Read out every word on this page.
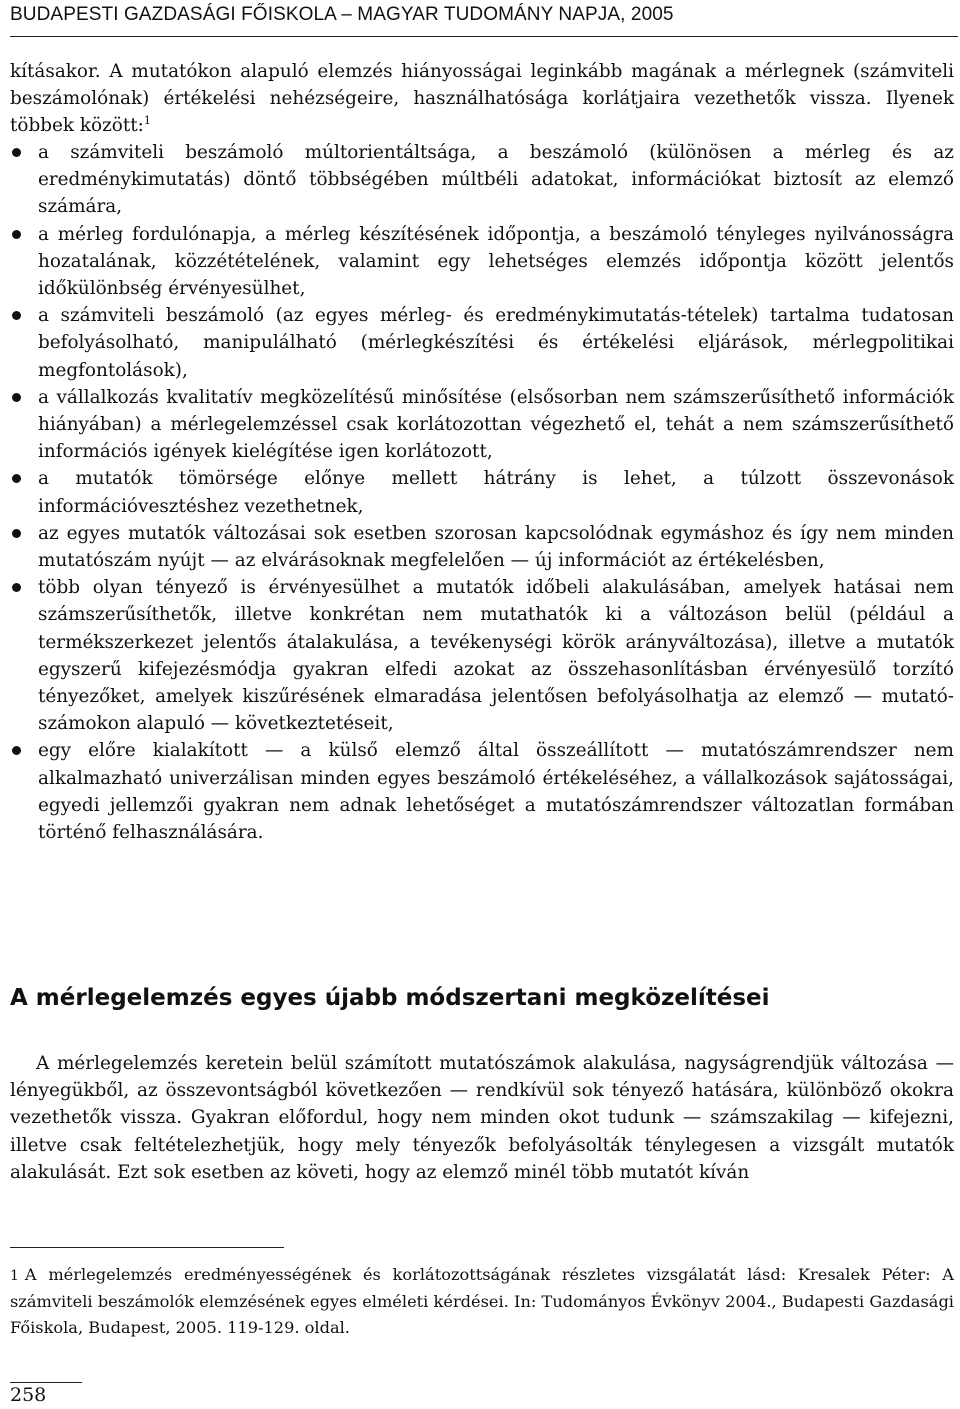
BUDAPESTI GAZDASÁGI FŐISKOLA – MAGYAR TUDOMÁNY NAPJA, 2005

kításakor. A mutatókon alapuló elemzés hiányosságai leginkább magának a mérlegnek (számviteli beszámolónak) értékelési nehézségeire, használhatósága korlátjaira vezethetők vissza. Ilyenek többek között:$^1$

a számviteli beszámoló múltorientáltsága, a beszámoló (különösen a mérleg és az eredménykimutatás) döntő többségében múltbéli adatokat, információkat biztosít az elemző számára,
a mérleg fordulónapja, a mérleg készítésének időpontja, a beszámoló tényleges nyilvánosságra hozatalának, közzétételének, valamint egy lehetséges elemzés időpontja között jelentős időkülönbség érvényesülhet,
a számviteli beszámoló (az egyes mérleg- és eredménykimutatás-tételek) tartalma tudatosan befolyásolható, manipulálható (mérlegkészítési és értékelési eljárások, mérlegpolitikai megfontolások),
a vállalkozás kvalitatív megközelítésű minősítése (elsősorban nem számszerűsíthető információk hiányában) a mérlegelemzéssel csak korlátozottan végezhető el, tehát a nem számszerűsíthető információs igények kielégítése igen korlátozott,
a mutatók tömörsége előnye mellett hátrány is lehet, a túlzott összevonások információvesztéshez vezethetnek,
az egyes mutatók változásai sok esetben szorosan kapcsolódnak egymáshoz és így nem minden mutatószám nyújt — az elvárásoknak megfelelően — új információt az értékelésben,
több olyan tényező is érvényesülhet a mutatók időbeli alakulásában, amelyek hatásai nem számszerűsíthetők, illetve konkrétan nem mutathatók ki a változáson belül (például a termékszerkezet jelentős átalakulása, a tevékenységi körök arányváltozása), illetve a mutatók egyszerű kifejezésmódja gyakran elfedi azokat az összehasonlításban érvényesülő torzító tényezőket, amelyek kiszűrésének elmaradása jelentősen befolyásolhatja az elemző — mutatószámokon alapuló — következtetéseit,
egy előre kialakított — a külső elemző által összeállított — mutatószámrendszer nem alkalmazható univerzálisan minden egyes beszámoló értékeléséhez, a vállalkozások sajátosságai, egyedi jellemzői gyakran nem adnak lehetőséget a mutatószámrendszer változatlan formában történő felhasználására.
A mérlegelemzés egyes újabb módszertani megközelítései

A mérlegelemzés keretein belül számított mutatószámok alakulása, nagyságrendjük változása — lényegükből, az összevontságból következően — rendkívül sok tényező hatására, különböző okokra vezethetők vissza. Gyakran előfordul, hogy nem minden okot tudunk — számszakilag — kifejezni, illetve csak feltételezhetjük, hogy mely tényezők befolyásolták ténylegesen a vizsgált mutatók alakulását. Ezt sok esetben az követi, hogy az elemző minél több mutatót kíván

1 A mérlegelemzés eredményességének és korlátozottságának részletes vizsgálatát lásd: Kresalek Péter: A számviteli beszámolók elemzésének egyes elméleti kérdései. In: Tudományos Évkönyv 2004., Budapesti Gazdasági Főiskola, Budapest, 2005. 119-129. oldal.

258
